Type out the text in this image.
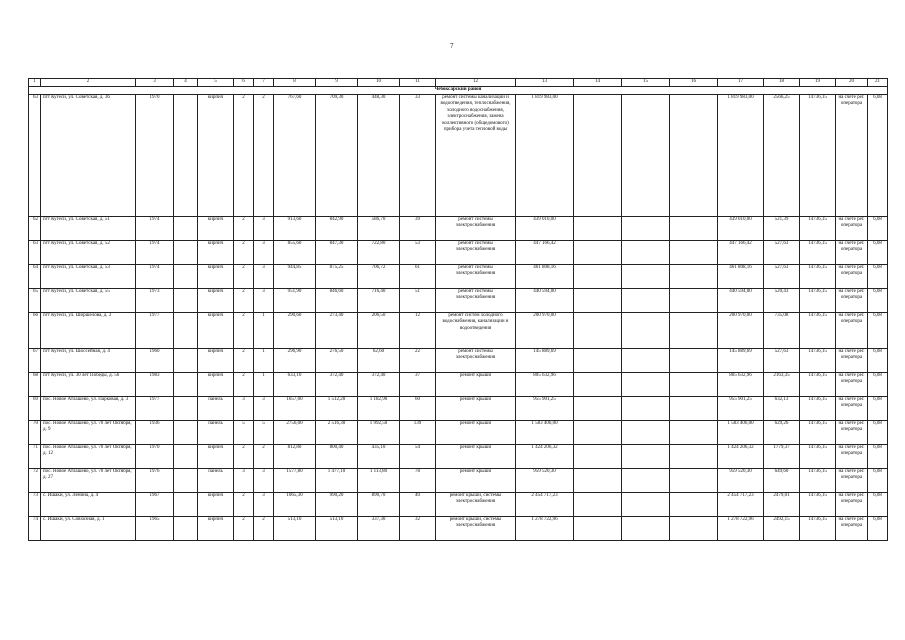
7
1	2	3	4	5	6	7	8	9	10	11	12	13	14	15	16	17	18	19	20	21
Чебоксарский район																				
63	пгт Кугеси, ул. Советская, д. 36	1970		кирпич	2	2	767,60	709,30	448,30	33	ремонт системы канализации и водоотведения, теплоснабжения, холодного водоснабжения, электроснабжения, замена коллективного (общедомового) прибора учета тепловой воды	1 819 983,00				1 819 983,00	2566,25	14736,15	на счете рег. оператора	6,08
62	пгт Кугеси, ул. Советская, д. 51	1974		кирпич	2	3	913,60	842,90	586,70	39	ремонт системы электроснабжения	439 010,00				439 010,00	521,39	14736,15	на счете рег. оператора	6,08
63	пгт Кугеси, ул. Советская, д. 52	1974		кирпич	2	3	855,60	847,30	722,80	53	ремонт системы электроснабжения	447 166,42				447 166,42	527,63	14736,15	на счете рег. оператора	6,08
64	пгт Кугеси, ул. Советская, д. 53	1974		кирпич	2	3	944,85	875,25	706,72	61	ремонт системы электроснабжения	461 808,16				461 808,16	527,63	14736,15	на счете рег. оператора	6,08
65	пгт Кугеси, ул. Советская, д. 55	1973		кирпич	2	3	951,90	846,60	716,40	51	ремонт системы электроснабжения	440 594,00				440 594,00	520,43	14736,15	на счете рег. оператора	6,08
66	пгт Кугеси, ул. Шоршелова, д. 3	1977		кирпич	2	1	290,60	273,40	206,50	12	ремонт систем холодного водоснабжения, канализации и водоотведения	200 970,00				200 970,00	735,08	14736,15	на счете рег. оператора	6,08
67	пгт Кугеси, ул. Шоссейная, д. 4	1960		кирпич	2	1	296,90	276,50	62,60	22	ремонт системы электроснабжения	145 889,69				145 889,69	527,63	14736,15	на счете рег. оператора	6,08
68	пгт Кугеси, ул. 30 лет Победы, д. 56	1983		кирпич	2	1	633,10	372,40	372,40	37	ремонт крыши	805 632,96				805 632,96	2163,35	14736,15	на счете рег. оператора	6,08
69	пос. Новое Атлашево, ул. Парковая, д. 3	1977		панель	3	3	1657,00	1 512,20	1 182,90	60	ремонт крыши	955 901,25				955 901,25	632,13	14736,15	на счете рег. оператора	6,08
70	пос. Новое Атлашево, ул. 70 лет Октября, д. 9	1936		панель	5	5	2756,00	2 516,30	1 992,50	139	ремонт крыши	1 583 406,00				1 583 406,00	629,26	14736,15	на счете рег. оператора	6,08
71	пос. Новое Атлашево, ул. 70 лет Октября, д. 12	1970		кирпич	2	2	812,80	800,40	435,10	54	ремонт крыши	1 424 206,32				1 424 206,32	1779,37	14736,15	на счете рег. оператора	6,08
72	пос. Новое Атлашево, ул. 70 лет Октября, д. 27	1976		панель	3	3	1577,80	1 477,10	1 113,80	78	ремонт крыши	959 520,30				959 520,30	649,60	14736,15	на счете рег. оператора	6,08
73	с. Ишаки, ул. Ленина, д. 4	1967		кирпич	2	3	1065,30	990,20	890,70	40	ремонт крыши, системы электроснабжения	2 454 717,23				2 454 717,23	2479,01	14736,15	на счете рег. оператора	6,08
74	с. Ишаки, ул. Совхозная, д. 1	1965		кирпич	2	2	513,10	513,10	337,30	32	ремонт крыши, системы электроснабжения	1 278 722,96				1 278 722,96	2492,15	14736,15	на счете рег. оператора	6,08
